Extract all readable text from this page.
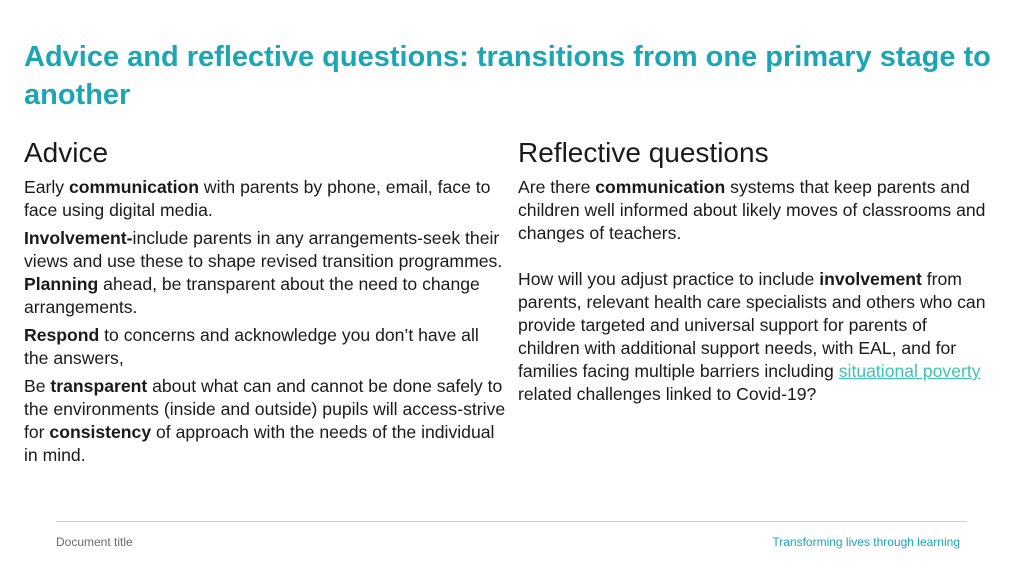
Advice and reflective questions: transitions from one primary stage to another
Advice

Early communication with parents by phone, email, face to face using digital media.

Involvement-include parents in any arrangements-seek their views and use these to shape revised transition programmes. Planning ahead, be transparent about the need to change arrangements.

Respond to concerns and acknowledge you don’t have all the answers,

Be transparent about what can and cannot be done safely to the environments (inside and outside) pupils will access-strive for consistency of approach with the needs of the individual in mind.

Reflective questions

Are there communication systems that keep parents and children well informed about likely moves of classrooms and changes of teachers.

How will you adjust practice to include involvement from parents, relevant health care specialists and others who can provide targeted and universal support for parents of children with additional support needs, with EAL, and for families facing multiple barriers including situational poverty related challenges linked to Covid-19?

Document title	Transforming lives through learning
